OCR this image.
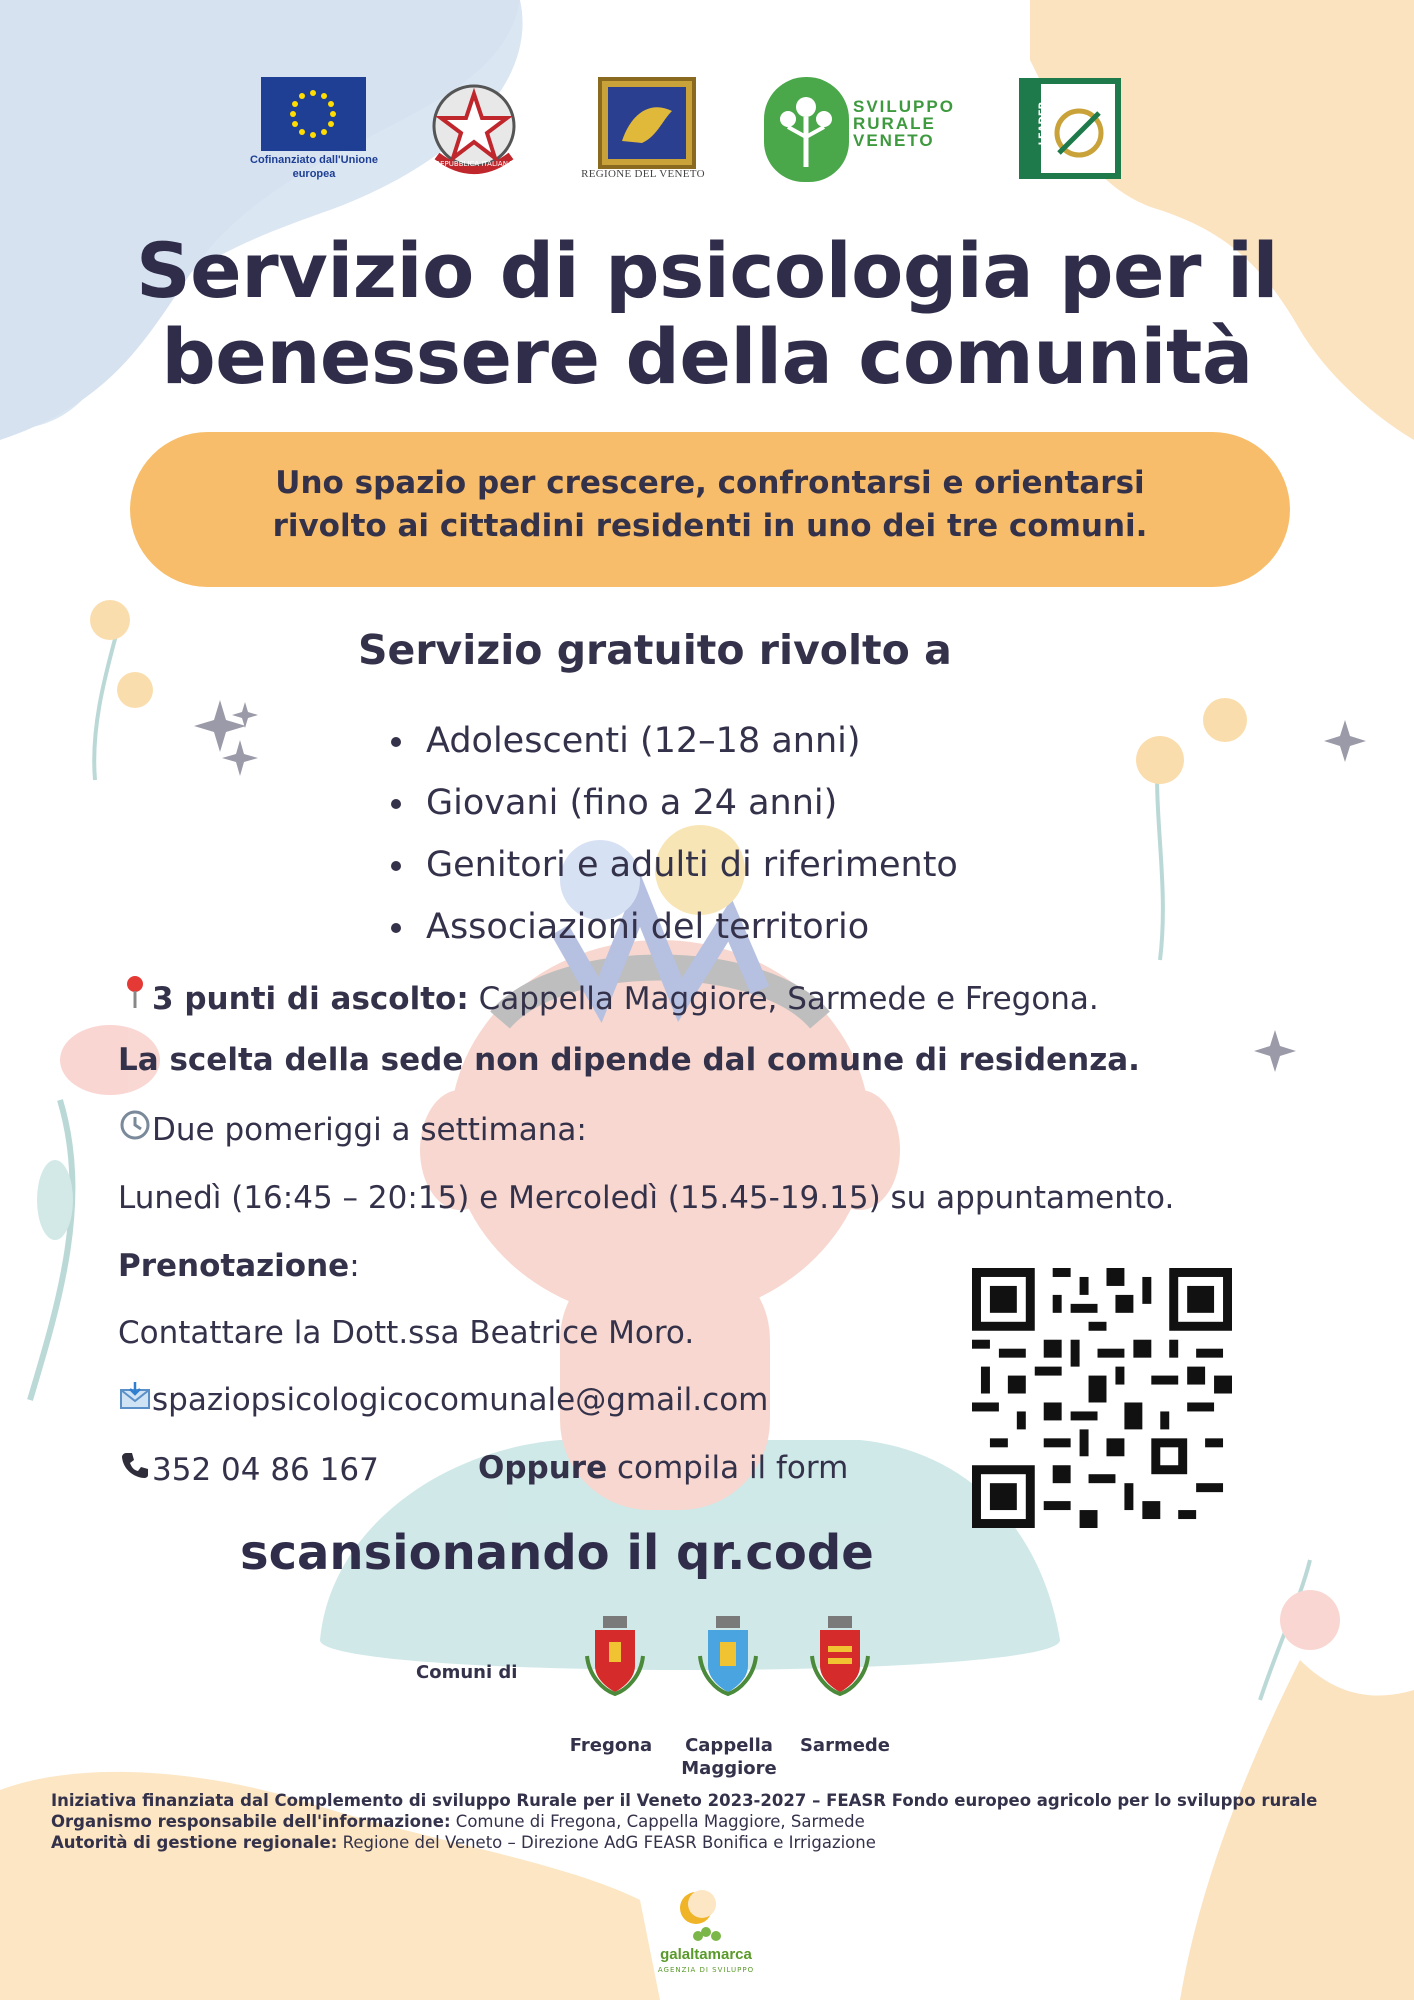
Cofinanziato dall'Unione europea
REPUBBLICA ITALIANA
REGIONE DEL VENETO
SVILUPPO
RURALE
VENETO	LEADER
Servizio di psicologia per il benessere della comunità
Uno spazio per crescere, confrontarsi e orientarsi
rivolto ai cittadini residenti in uno dei tre comuni.
Servizio gratuito rivolto a
• Adolescenti (12–18 anni)
• Giovani (fino a 24 anni)
• Genitori e adulti di riferimento
• Associazioni del territorio
3 punti di ascolto: Cappella Maggiore, Sarmede e Fregona.
La scelta della sede non dipende dal comune di residenza.
Due pomeriggi a settimana:
Lunedì (16:45 – 20:15) e Mercoledì (15.45-19.15) su appuntamento.
Prenotazione:
Contattare la Dott.ssa Beatrice Moro.
spaziopsicologicocomunale@gmail.com
352 04 86 167	Oppure compila il form
scansionando il qr.code
Comuni di
Fregona	Cappella
Maggiore
Sarmede

Iniziativa finanziata dal Complemento di sviluppo Rurale per il Veneto 2023-2027 – FEASR Fondo europeo agricolo per lo sviluppo rurale

Organismo responsabile dell'informazione: Comune di Fregona, Cappella Maggiore, Sarmede

Autorità di gestione regionale: Regione del Veneto – Direzione AdG FEASR Bonifica e Irrigazione

galaltamarca
AGENZIA DI SVILUPPO
